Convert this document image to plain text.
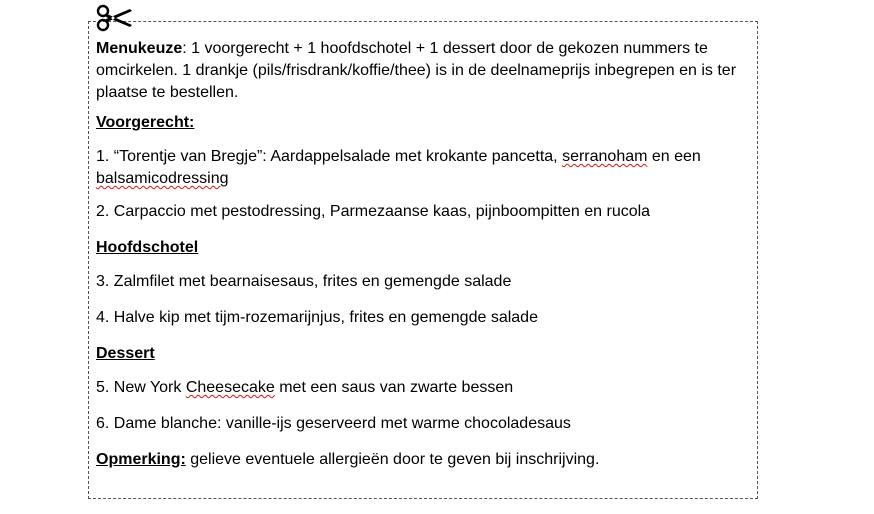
Menukeuze: 1 voorgerecht + 1 hoofdschotel + 1 dessert door de gekozen nummers te omcirkelen. 1 drankje (pils/frisdrank/koffie/thee) is in de deelnameprijs inbegrepen en is ter plaatse te bestellen.

Voorgerecht:

1. “Torentje van Bregje”: Aardappelsalade met krokante pancetta, serranoham en een balsamicodressing

2. Carpaccio met pestodressing, Parmezaanse kaas, pijnboompitten en rucola

Hoofdschotel

3. Zalmfilet met bearnaisesaus, frites en gemengde salade

4. Halve kip met tijm-rozemarijnjus, frites en gemengde salade

Dessert

5. New York Cheesecake met een saus van zwarte bessen

6. Dame blanche: vanille-ijs geserveerd met warme chocoladesaus

Opmerking: gelieve eventuele allergieën door te geven bij inschrijving.
